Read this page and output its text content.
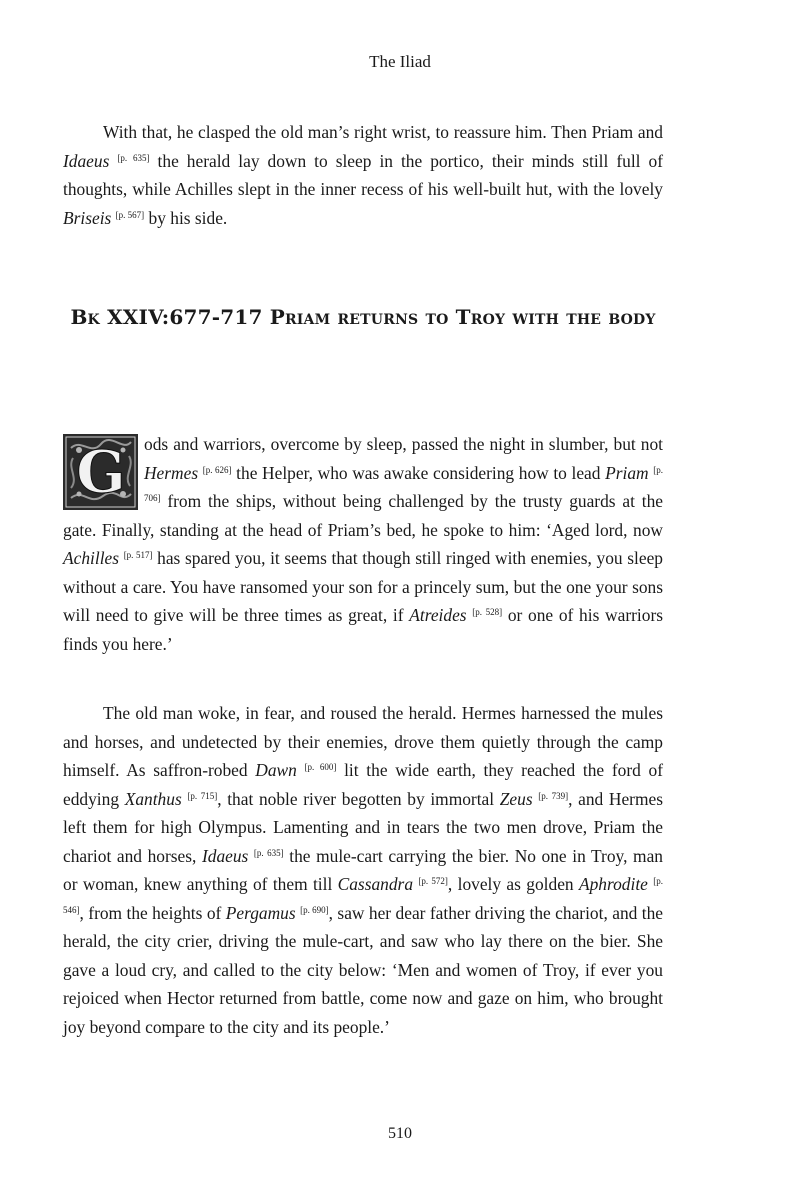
The Iliad

With that, he clasped the old man’s right wrist, to reassure him. Then Priam and Idaeus [p. 635] the herald lay down to sleep in the portico, their minds still full of thoughts, while Achilles slept in the inner recess of his well-built hut, with the lovely Briseis [p. 567] by his side.

Bk XXIV:677-717 Priam returns to Troy with the body

G ods and warriors, overcome by sleep, passed the night in slumber, but not Hermes [p. 626] the Helper, who was awake considering how to lead Priam [p. 706] from the ships, without being challenged by the trusty guards at the gate. Finally, standing at the head of Priam’s bed, he spoke to him: ‘Aged lord, now Achilles [p. 517] has spared you, it seems that though still ringed with enemies, you sleep without a care. You have ransomed your son for a princely sum, but the one your sons will need to give will be three times as great, if Atreides [p. 528] or one of his warriors finds you here.’

The old man woke, in fear, and roused the herald. Hermes harnessed the mules and horses, and undetected by their enemies, drove them quietly through the camp himself. As saffron-robed Dawn [p. 600] lit the wide earth, they reached the ford of eddying Xanthus [p. 715], that noble river begotten by immortal Zeus [p. 739], and Hermes left them for high Olympus. Lamenting and in tears the two men drove, Priam the chariot and horses, Idaeus [p. 635] the mule-cart carrying the bier. No one in Troy, man or woman, knew anything of them till Cassandra [p. 572], lovely as golden Aphrodite [p. 546], from the heights of Pergamus [p. 690], saw her dear father driving the chariot, and the herald, the city crier, driving the mule-cart, and saw who lay there on the bier. She gave a loud cry, and called to the city below: ‘Men and women of Troy, if ever you rejoiced when Hector returned from battle, come now and gaze on him, who brought joy beyond compare to the city and its people.’

510
